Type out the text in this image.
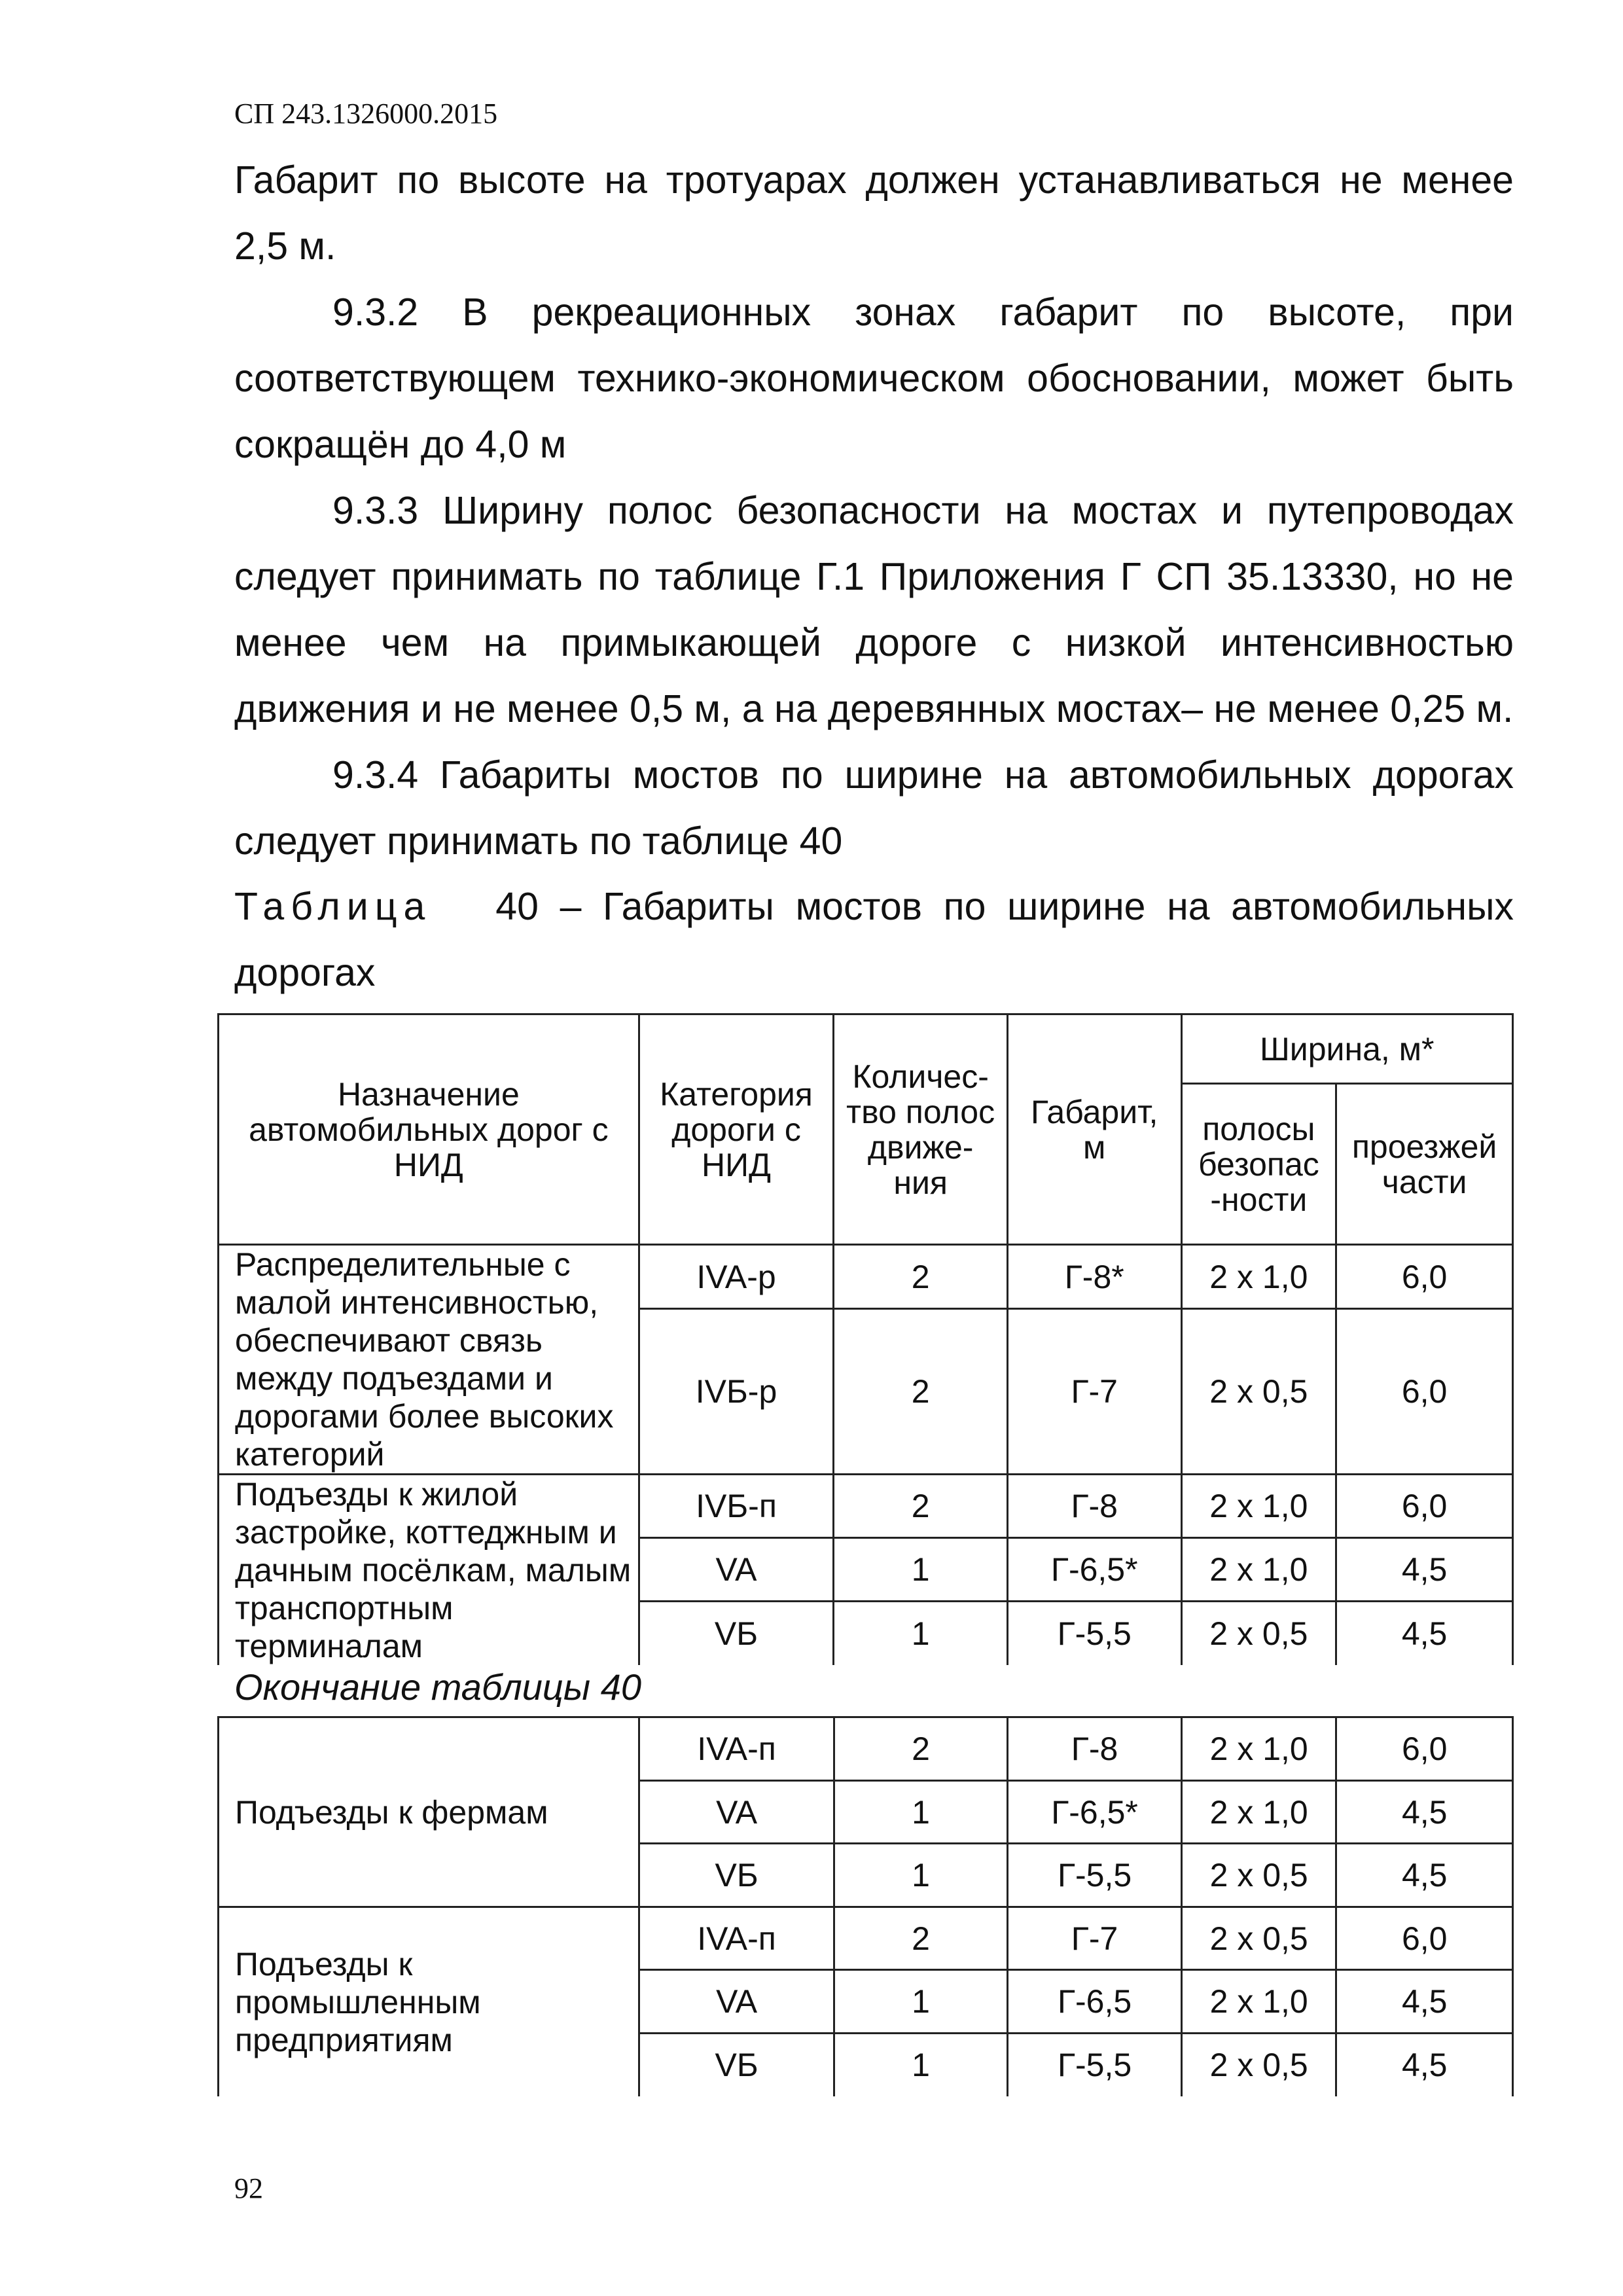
СП 243.1326000.2015
Габарит по высоте на тротуарах должен устанавливаться не менее
2,5 м.
9.3.2 В рекреационных зонах габарит по высоте, при
соответствующем технико-экономическом обосновании, может быть
сокращён до 4,0 м
9.3.3 Ширину полос безопасности на мостах и путепроводах
следует принимать по таблице Г.1 Приложения Г СП 35.13330, но не
менее чем на примыкающей дороге с низкой интенсивностью
движения и не менее 0,5 м, а на деревянных мостах– не менее 0,25 м.
9.3.4 Габариты мостов по ширине на автомобильных дорогах
следует принимать по таблице 40
Таблица 40 – Габариты мостов по ширине на автомобильных
дорогах
Назначение автомобильных дорог с НИД	Категория дороги с НИД	Количес-тво полос движе-ния	Габарит, м	Ширина, м*	
				полосы безопас -ности	проезжей части
Распределительные с малой интенсивностью, обеспечивают связь между подъездами и дорогами более высоких категорий	IVA-р	2	Г-8*	2 х 1,0	6,0
	IVБ-р	2	Г-7	2 х 0,5	6,0
Подъезды к жилой застройке, коттеджным и дачным посёлкам, малым транспортным терминалам	IVБ-п	2	Г-8	2 х 1,0	6,0
	VA	1	Г-6,5*	2 х 1,0	4,5
	VБ	1	Г-5,5	2 х 0,5	4,5
Окончание таблицы 40
Подъезды к фермам	IVA-п	2	Г-8	2 х 1,0	6,0
	VA	1	Г-6,5*	2 х 1,0	4,5
	VБ	1	Г-5,5	2 х 0,5	4,5
Подъезды к промышленным предприятиям	IVA-п	2	Г-7	2 х 0,5	6,0
	VA	1	Г-6,5	2 х 1,0	4,5
	VБ	1	Г-5,5	2 х 0,5	4,5
92
